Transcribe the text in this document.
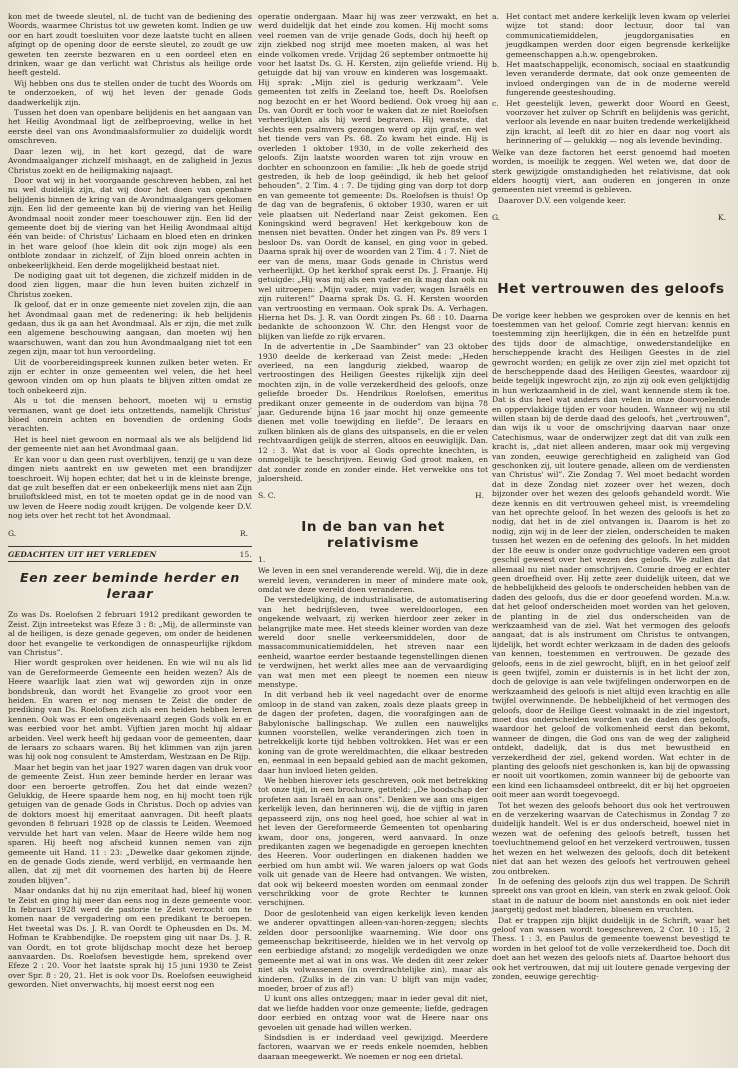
kon met de tweede sleutel, nl. de tucht van de bediening des Woords, waarmee Christus tot uw geweten komt. Indien ge uw oor en hart zoudt toesluiten voor deze laatste tucht en alleen afgingt op de opening door de eerste sleutel, zo zoudt ge uw geweten ten zeerste bezwaren en u een oordeel eten en drinken, waar ge dan verlicht wat Christus als heilige orde heeft gesteld.

Wij hebben ons dus te stellen onder de tucht des Woords om te onderzoeken, of wij het leven der genade Gods daadwerkelijk zijn.

Tussen het doen van openbare belijdenis en het aangaan van het Heilig Avondmaal ligt de zelfbeproeving, welke in het eerste deel van ons Avondmaalsformulier zo duidelijk wordt omschreven.

Daar lezen wij, in het kort gezegd, dat de ware Avondmaalganger zichzelf mishaagt, en de zaligheid in Jezus Christus zoekt en de heiligmaking najaagt.

Door wat wij in het voorgaande geschreven hebben, zal het nu wel duidelijk zijn, dat wij door het doen van openbare belijdenis binnen de kring van de Avondmaalgangers gekomen zijn. Een lid der gemeente kan bij de viering van het Heilig Avondmaal nooit zonder meer toeschouwer zijn. Een lid der gemeente doet bij de viering van het Heilig Avondmaal altijd één van beide: of Christus' Lichaam en bloed eten en drinken in het ware geloof (hoe klein dit ook zijn moge) als een ontblote zondaar in zichzelf, of Zijn bloed onrein achten in onbekeerlijkheid. Een derde mogelijkheid bestaat niet.

De nodiging gaat uit tot degenen, die zichzelf midden in de dood zien liggen, maar die hun leven buiten zichzelf in Christus zoeken.

Ik geloof, dat er in onze gemeente niet zovelen zijn, die aan het Avondmaal gaan met de redenering: ik heb belijdenis gedaan, dus ik ga aan het Avondmaal. Als er zijn, die met zulk een algemene beschouwing aangaan, dan moeten wij hen waarschuwen, want dan zou hun Avondmaalgang niet tot een zegen zijn, maar tot hun veroordeling.

Uit de voorbereidingspreek kunnen zulken beter weten. Er zijn er echter in onze gemeenten wel velen, die het heel gewoon vinden om op hun plaats te blijven zitten omdat ze toch onbekeerd zijn.

Als u tot die mensen behoort, moeten wij u ernstig vermanen, want ge doet iets ontzettends, namelijk Christus' bloed onrein achten en bovendien de ordening Gods verachten.

Het is heel niet gewoon en normaal als we als belijdend lid der gemeente niet aan het Avondmaal gaan.

Er kan voor u dan geen rust overblijven, tenzij ge u van deze dingen niets aantrekt en uw geweten met een brandijzer toeschroeit. Wij hopen echter, dat het u in de kleinste brenge, dat ge zult beseffen dat er een onbekeerlijk mens niet aan Zijn bruiloftskleed mist, en tot te moeten opdat ge in de nood van uw leven de Heere nodig zoudt krijgen. De volgende keer D.V. nog iets over het recht tot het Avondmaal.

G.	R.
GEDACHTEN UIT HET VERLEDEN	15.
Een zeer beminde herder en leraar

Zo was Ds. Roelofsen 2 februari 1912 predikant geworden te Zeist. Zijn intreetekst was Efeze 3 : 8: „Mij, de allerminste van al de heiligen, is deze genade gegeven, om onder de heidenen door het evangelie te verkondigen de onnaspeurlijke rijkdom van Christus”.

Hier wordt gesproken over heidenen. En wie wil nu als lid van de Gereformeerde Gemeente een heiden wezen? Als de Heere waarlijk laat zien wat wij geworden zijn in onze bondsbreuk, dan wordt het Evangelie zo groot voor een heiden. En waren er nog mensen te Zeist die onder de prediking van Ds. Roelofsen zich als een heiden hebben leren kennen. Ook was er een ongeëvenaard zegen Gods volk en er was eerbied voor het ambt. Vijftien jaren mocht hij aldaar arbeiden. Veel werk heeft hij gedaan voor de gemeenten, daar de leraars zo schaars waren. Bij het klimmen van zijn jaren was hij ook nog consulent te Amsterdam, Westzaan en De Rijp.

Maar het begin van het jaar 1927 waren dagen van druk voor de gemeente Zeist. Hun zeer beminde herder en leraar was door een beroerte getroffen. Zou het dat einde wezen? Gelukkig, de Heere spaarde hem nog, en hij mocht toen rijk getuigen van de genade Gods in Christus. Doch op advies van de doktors moest hij emeritaat aanvragen. Dit heeft plaats gevonden 8 februari 1928 op de classis te Leiden. Weemoed vervulde het hart van velen. Maar de Heere wilde hem nog sparen. Hij heeft nog afscheid kunnen nemen van zijn gemeente uit Hand. 11 : 23: „Dewelke daar gekomen zijnde, en de genade Gods ziende, werd verblijd, en vermaande hen allen, dat zij met dit voornemen des harten bij de Heere zouden blijven”.

Maar ondanks dat hij nu zijn emeritaat had, bleef hij wonen te Zeist en ging hij meer dan eens nog in deze gemeente voor. In februari 1928 werd de pastorie te Zeist verzocht om te komen naar de vergadering om een predikant te beroepen. Het tweetal was Ds. J. R. van Oordt te Opheusden en Ds. M. Hofman te Krabbendijke. De roepstem ging uit naar Ds. J. R. van Oordt, en tot grote blijdschap mocht deze het beroep aanvaarden. Ds. Roelofsen bevestigde hem, sprekend over Efeze 2 : 20. Voor het laatste sprak hij 15 juni 1930 te Zeist over Spr. 8 : 20, 21. Het is ook voor Ds. Roelofsen eeuwigheid geworden. Niet onverwachts, hij moest eerst nog een

operatie ondergaan. Maar hij was zeer verzwakt, en het werd duidelijk dat het einde zou komen. Hij mocht soms veel roemen van de vrije genade Gods, doch hij heeft op zijn ziekbed nog strijd mee moeten maken, al was het einde volkomen vrede. Vrijdag 26 september ontmoette hij voor het laatst Ds. G. H. Kersten, zijn geliefde vriend. Hij getuigde dat hij van vrouw en kinderen was losgemaakt. Hij sprak: „Mijn ziel is gedurig werkzaam”. Vele gemeenten tot zelfs in Zeeland toe, heeft Ds. Roelofsen nog bezocht en er het Woord bediend. Ook vroeg hij aan Ds. van Oordt er toch voor te waken dat ze niet Roelofsen verheerlijkten als hij werd begraven. Hij wenste, dat slechts een psalmvers gezongen werd op zijn graf, en wel het tiende vers van Ps. 68. Zo kwam het einde. Hij is overleden 1 oktober 1930, in de volle zekerheid des geloofs. Zijn laatste woorden waren tot zijn vrouw en dochter en schoonzoon en familie: „Ik heb de goede strijd gestreden, ik heb de loop geëindigd, ik heb het geloof behouden”. 2 Tim. 4 : 7. De tijding ging van dorp tot dorp en van gemeente tot gemeente: Ds. Roelofsen is thuis! Op de dag van de begrafenis, 6 oktober 1930, waren er uit vele plaatsen uit Nederland naar Zeist gekomen. Een Koningskind werd begraven! Het kerkgebouw kon de mensen niet bevatten. Onder het zingen van Ps. 89 vers 1 besloor Ds. van Oordt de kansel, en ging voor in gebed. Daarna sprak hij over de woorden van 2 Tim. 4 : 7. Niet de eer van de mens, maar Gods genade in Christus werd verheerlijkt. Op het kerkhof sprak eerst Ds. J. Fraanje. Hij getuigde: „Hij was mij als een vader en ik mag dan ook nu wel uitroepen: „Mijn vader, mijn vader, wagen Israëls en zijn ruiteren!” Daarna sprak Ds. G. H. Kersten woorden van vertroosting en vermaan. Ook sprak Ds. A. Verhagen. Hierna het Ds. J. R. van Oordt zingen Ps. 68 : 10. Daarna bedankte de schoonzoon W. Chr. den Hengst voor de blijken van liefde zo rijk ervaren.

In de advertentie in „De Saambinder” van 23 oktober 1930 deelde de kerkeraad van Zeist mede: „Heden overleed, na een langdurig ziekbed, waarop de vertroostingen des Heiligen Geestes rijkelijk zijn deel mochten zijn, in de volle verzekerdheid des geloofs, onze geliefde broeder Ds. Hendrikus Roelofsen, emeritus predikant onzer gemeente in de ouderdom van bijna 78 jaar. Gedurende bijna 16 jaar mocht hij onze gemeente dienen met volle toewijding en liefde”. De leraars en zulken blinken als de glans des uitspansels, en die er velen rechtvaardigen gelijk de sterren, altoos en eeuwiglijk. Dan. 12 : 3. Wat dat is voor al Gods oprechte knechten, is onmogelijk te beschrijven. Eeuwig God groot maken, en dat zonder zonde en zonder einde. Het verwekke ons tot jaloersheid.

S. C.	H.
In de ban van het relativisme
1.

We leven in een snel veranderende wereld. Wij, die in deze wereld leven, veranderen in meer of mindere mate ook, omdat we deze wereld doen veranderen.

De verstedelijking, de industrialisatie, de automatisering van het bedrijfsleven, twee wereldoorlogen, een ongekende welvaart, zij werken hierdoor zeer zeker in belangrijke mate mee. Het steeds kleiner worden van deze wereld door snelle verkeersmiddelen, door de massacommunicatiemiddelen, het streven naar een eenheid, waartoe eerder bestaande tegenstellingen dienen te verdwijnen, het werkt alles mee aan de vervaardiging van wat men met een pleegt te noemen een nieuw menstype.

In dit verband heb ik veel nagedacht over de enorme omloop in de stand van zaken, zoals deze plaats greep in de dagen der profeten, dagen, die voorafgingen aan de Babylonische ballingschap. We zullen een nauwelijks kunnen voorstellen, welke veranderingen zich toen in betrekkelijk korte tijd hebben voltrokken. Het was er een koning van de grote wereldmachten, die elkaar bestreden en, eenmaal in een bepaald gebied aan de macht gekomen, daar hun invloed lieten gelden.

We hebben hierover iets geschreven, ook met betrekking tot onze tijd, in een brochure, getiteld: „De boodschap der profeten aan Israël en aan ons”. Denken we aan ons eigen kerkelijk leven, dan herinneren wij, die de vijftig in jaren gepasseerd zijn, ons nog heel goed, hoe schier al wat in het leven der Gereformeerde Gemeenten tot openbaring kwam, door ons, jongeren, werd aanvaard. In onze predikanten zagen we begenadigde en geroepen knechten des Heeren. Voor ouderlingen en diakenen hadden we eerbied om hun ambt wil. We waren jaloers op wat Gods volk uit genade van de Heere had ontvangen. We wisten, dat ook wij bekeerd moesten worden om eenmaal zonder verschrikking voor de grote Rechter te kunnen verschijnen.

Door de geslotenheid van eigen kerkelijk leven kenden we anderer opvattingen alleen-van-horen-zeggen; slechts zelden door persoonlijke waarneming. Wie door ons gemeenschap bekritiseerde, hielden we in het vervolg op een eerbiedige afstand; zo mogelijk verdedigden we onze gemeente met al wat in ons was. We deden dit zeer zeker niet als volwassenen (in overdrachtelijke zin), maar als kinderen. (Zulks in de zin van: U blijft van mijn vader, moeder, broer of zus af!)

U kunt ons alles ontzeggen; maar in ieder geval dit niet, dat we liefde hadden voor onze gemeente; liefde, gedragen door eerbied en ontzag voor wat de Heere naar ons gevoelen uit genade had willen werken.

Sindsdien is er inderdaad veel gewijzigd. Meerdere factoren, waarvan we er reeds enkele noemden, hebben daaraan meegewerkt. We noemen er nog een drietal.

a. Het contact met andere kerkelijk leven kwam op velerlei wijze tot stand: door lectuur, door tal van communicatiemiddelen, jeugdorganisaties en jeugdkampen werden door eigen begrensde kerkelijke gemeenschappen a.h.w. opengebroken.
b. Het maatschappelijk, economisch, sociaal en staatkundig leven veranderde dermate, dat ook onze gemeenten de invloed ondergingen van de in de moderne wereld fungerende geesteshouding.
c. Het geestelijk leven, gewerkt door Woord en Geest, voorzover het zulver op Schrift en belijdenis was gericht, verloor als levende en naar buiten tredende werkelijkheid zijn kracht, al leeft dit zo hier en daar nog voort als herinnering of — gelukkig — nog als levende bevinding.

Welke van deze factoren het eerst genoemd had moeten worden, is moeilijk te zeggen. Wel weten we, dat door de sterk gewijzigde omstandigheden het relativisme, dat ook elders hoogtij viert, aan ouderen en jongeren in onze gemeenten niet vreemd is gebleven.

Daarover D.V. een volgende keer.

G.	K.
Het vertrouwen des geloofs

De vorige keer hebben we gesproken over de kennis en het toestemmen van het geloof. Comrie zegt hiervan: kennis en toestemming zijn heerlijkgen, die in één en hetzelfde punt des tijds door de almachtige, onwederstandelijke en herscheppende kracht des Heiligen Geestes in de ziel gewrocht worden; en gelijk ze over zijn ziel met opzicht tot de herscheppende daad des Heiligen Geestes, waardoor zij beide tegelijk ingewrocht zijn, zo zijn zij ook even gelijktijdig in hun werkzaamheid in de ziel, want kennende stem ik toe. Dat is dus heel wat anders dan velen in onze doorvoelende en oppervlakkige tijden er voor houden. Wanneer wij nu stil willen staan bij de derde daad des geloofs, het „vertrouwen”, dan wijs ik u voor de omschrijving daarvan naar onze Catechismus, waar de onderwijzer zegt dat dit van zulk een kracht is, „dat niet alleen anderen, maar ook mij vergeving van zonden, eeuwige gerechtigheid en zaligheid van God geschonken zij, uit loutere genade, alleen om de verdiensten van Christus' wil”. Zie Zondag 7. Wel moet bedacht worden dat in deze Zondag niet zozeer over het wezen, doch bijzonder over het wezen des geloofs gehandeld wordt. Wie deze kennis en dit vertrouwen geheel mist, is vreemdeling van het oprechte geloof. In het wezen des geloofs is het zo nodig, dat het in de ziel ontvangen is. Daarom is het zo nodig, zijn wij in de leer der zielen, onderscheiden te maken tussen het wezen en de oefening des geloofs. In het midden der 18e eeuw is onder onze godvruchtige vaderen een groot geschil geweest over het wezen des geloofs. We zullen dat allemaal nu niet nader omschrijven. Comrie droeg er echter geen droefheid over. Hij zette zeer duidelijk uiteen, dat we de hebbelijkheid des geloofs te onderscheiden hebben van de daden des geloofs, dus die er door geoefend worden. M.a.w. dat het geloof onderscheiden moet worden van het geloven, de planting in de ziel dus onderscheiden van de werkzaamheid van de ziel. Wat het vermogen des geloofs aangaat, dat is als instrument om Christus te ontvangen, lijdelijk, het wordt echter werkzaam in de daden des geloofs van kennen, toestemmen en vertrouwen. De gezade des geloofs, eens in de ziel gewrocht, blijft, en in het geloof zelf is geen twijfel, zomin er duisternis is in het licht der zon, doch de gelovige is aan vele twijfelingen onderworpen en de werkzaamheid des geloofs is niet altijd even krachtig en alle twijfel overwinnende. De hebbelijkheid of het vermogen des geloofs, door de Heilige Geest volmaakt in de ziel ingestort, moet dus onderscheiden worden van de daden des geloofs, waardoor het geloof de volkomenheid eerst dan bekomt, wanneer de dingen, die God ons van de weg der zaligheid ontdekt, dadelijk, dat is dus met bewustheid en verzekerdheid der ziel, gekend worden. Wat echter in de planting des geloofs niet geschonken is, kan bij de opwassing er nooit uit voortkomen, zomin wanneer bij de geboorte van een kind een lichaamsdeel ontbreekt, dit er bij het opgroeien ooit meer aan wordt toegevoegd.

Tot het wezen des geloofs behoort dus ook het vertrouwen en de verzekering waarvan de Catechismus in Zondag 7 zo duidelijk handelt. Wel is er dus onderscheid, hoewel niet in wezen wat de oefening des geloofs betreft, tussen het toevluchtnemend geloof en het verzekerd vertrouwen, tussen het wezen en het welwezen des geloofs, doch dit betekent niet dat aan het wezen des geloofs het vertrouwen geheel zou ontbreken.

In de oefening des geloofs zijn dus wel trappen. De Schrift spreekt ons van groot en klein, van sterk en zwak geloof. Ook staat in de natuur de boom niet aanstonds en ook niet ieder jaargetij gedost met bladeren, bloesem en vruchten.

Dat er trappen zijn blijkt duidelijk in de Schrift, waar het geloof van wassen wordt toegeschreven, 2 Cor. 10 : 15, 2 Thess. 1 : 3, en Paulus de gemeente toewenst bevestigd te worden in het geloof tot de volle verzekerdheid toe. Doch dit doet aan het wezen des geloofs niets af. Daartoe behoort dus ook het vertrouwen, dat mij uit loutere genade vergeving der zonden, eeuwige gerechtig-
